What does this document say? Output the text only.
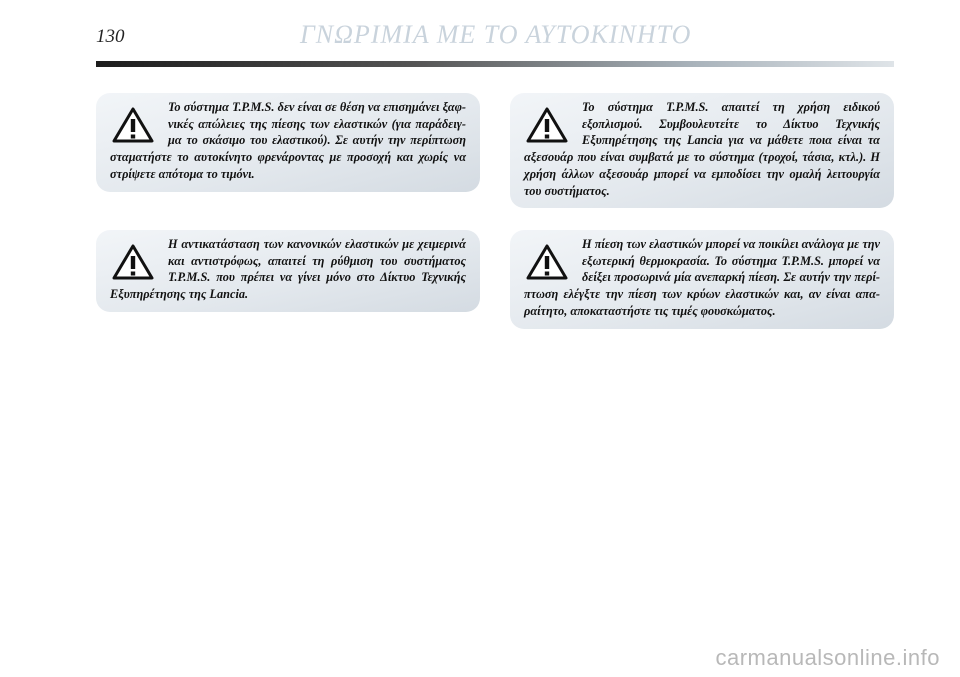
130	ΓΝΩΡΙΜΙΑ ΜΕ ΤΟ ΑΥΤΟΚΙΝΗΤΟ
Το σύστημα T.P.M.S. δεν είναι σε θέση να επισημάνει ξαφνικές απώλειες της πίεσης των ελαστικών (για παράδειγμα το σκάσιμο του ελαστικού). Σε αυτήν την περίπτωση σταματήστε το αυτοκίνητο φρενάροντας με προσοχή και χωρίς να στρίψετε απότομα το τιμόνι.
Η αντικατάσταση των κανονικών ελαστικών με χειμερινά και αντιστρόφως, απαιτεί τη ρύθμιση του συστήματος T.P.M.S. που πρέπει να γίνει μόνο στο Δίκτυο Τεχνικής Εξυπηρέτησης της Lancia.
Το σύστημα T.P.M.S. απαιτεί τη χρήση ειδικού εξοπλισμού. Συμβουλευτείτε το Δίκτυο Τεχνικής Εξυπηρέτησης της Lancia για να μάθετε ποια είναι τα αξεσουάρ που είναι συμβατά με το σύστημα (τροχοί, τάσια, κτλ.). Η χρήση άλλων αξεσουάρ μπορεί να εμποδίσει την ομαλή λειτουργία του συστήματος.
Η πίεση των ελαστικών μπορεί να ποικίλει ανάλογα με την εξωτερική θερμοκρασία. Το σύστημα T.P.M.S. μπορεί να δείξει προσωρινά μία ανεπαρκή πίεση. Σε αυτήν την περίπτωση ελέγξτε την πίεση των κρύων ελαστικών και, αν είναι απαραίτητο, αποκαταστήστε τις τιμές φουσκώματος.
carmanualsonline.info
